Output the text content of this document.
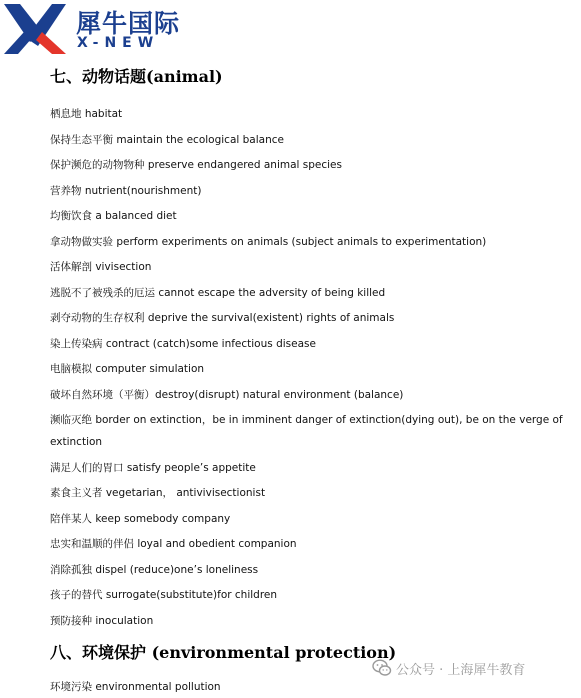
犀牛国际
X-NEW
七、动物话题(animal)
栖息地 habitat
保持生态平衡 maintain the ecological balance
保护濒危的动物物种 preserve endangered animal species
营养物 nutrient(nourishment)
均衡饮食 a balanced diet
拿动物做实验 perform experiments on animals (subject animals to experimentation)
活体解剖 vivisection
逃脱不了被残杀的厄运 cannot escape the adversity of being killed
剥夺动物的生存权利 deprive the survival(existent) rights of animals
染上传染病 contract (catch)some infectious disease
电脑模拟 computer simulation
破坏自然环境（平衡）destroy(disrupt) natural environment (balance)
濒临灭绝 border on extinction，be in imminent danger of extinction(dying out), be on the verge of extinction
满足人们的胃口 satisfy people’s appetite
素食主义者 vegetarian， antivivisectionist
陪伴某人 keep somebody company
忠实和温顺的伴侣 loyal and obedient companion
消除孤独 dispel (reduce)one’s loneliness
孩子的替代 surrogate(substitute)for children
预防接种 inoculation
八、环境保护 (environmental protection)
环境污染 environmental pollution
公众号 · 上海犀牛教育
